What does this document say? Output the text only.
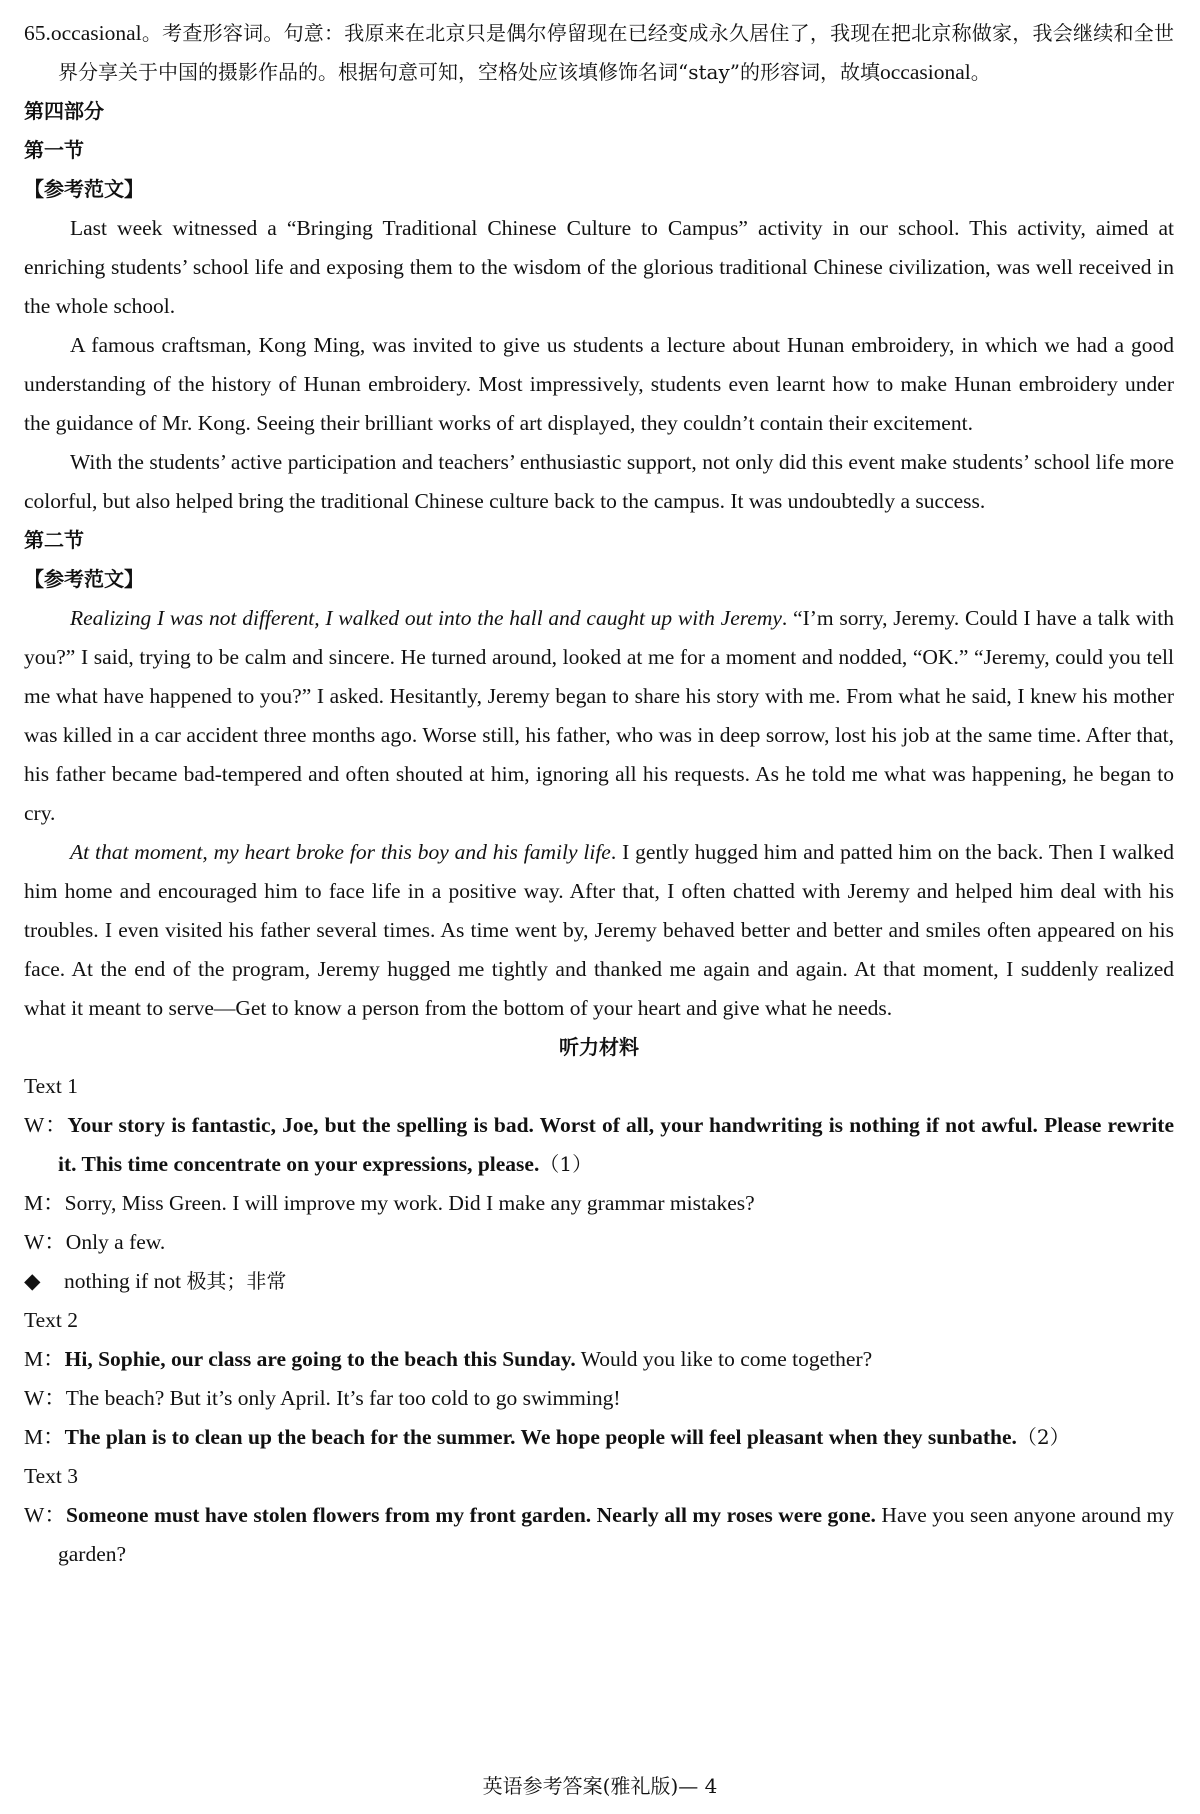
65.occasional。考查形容词。句意：我原来在北京只是偶尔停留现在已经变成永久居住了，我现在把北京称做家，我会继续和全世界分享关于中国的摄影作品的。根据句意可知，空格处应该填修饰名词“stay”的形容词，故填occasional。
第四部分
第一节
【参考范文】
Last week witnessed a “Bringing Traditional Chinese Culture to Campus” activity in our school. This activity, aimed at enriching students’ school life and exposing them to the wisdom of the glorious traditional Chinese civilization, was well received in the whole school.
A famous craftsman, Kong Ming, was invited to give us students a lecture about Hunan embroidery, in which we had a good understanding of the history of Hunan embroidery. Most impressively, students even learnt how to make Hunan embroidery under the guidance of Mr. Kong. Seeing their brilliant works of art displayed, they couldn’t contain their excitement.
With the students’ active participation and teachers’ enthusiastic support, not only did this event make students’ school life more colorful, but also helped bring the traditional Chinese culture back to the campus. It was undoubtedly a success.
第二节
【参考范文】
Realizing I was not different, I walked out into the hall and caught up with Jeremy. “I’m sorry, Jeremy. Could I have a talk with you?” I said, trying to be calm and sincere. He turned around, looked at me for a moment and nodded, “OK.” “Jeremy, could you tell me what have happened to you?” I asked. Hesitantly, Jeremy began to share his story with me. From what he said, I knew his mother was killed in a car accident three months ago. Worse still, his father, who was in deep sorrow, lost his job at the same time. After that, his father became bad-tempered and often shouted at him, ignoring all his requests. As he told me what was happening, he began to cry.
At that moment, my heart broke for this boy and his family life. I gently hugged him and patted him on the back. Then I walked him home and encouraged him to face life in a positive way. After that, I often chatted with Jeremy and helped him deal with his troubles. I even visited his father several times. As time went by, Jeremy behaved better and better and smiles often appeared on his face. At the end of the program, Jeremy hugged me tightly and thanked me again and again. At that moment, I suddenly realized what it meant to serve—Get to know a person from the bottom of your heart and give what he needs.
听力材料
Text 1
W：Your story is fantastic, Joe, but the spelling is bad. Worst of all, your handwriting is nothing if not awful. Please rewrite it. This time concentrate on your expressions, please.（1）
M：Sorry, Miss Green. I will improve my work. Did I make any grammar mistakes?
W：Only a few.
◆ nothing if not 极其；非常
Text 2
M：Hi, Sophie, our class are going to the beach this Sunday. Would you like to come together?
W：The beach? But it’s only April. It’s far too cold to go swimming!
M：The plan is to clean up the beach for the summer. We hope people will feel pleasant when they sunbathe.（2）
Text 3
W：Someone must have stolen flowers from my front garden. Nearly all my roses were gone. Have you seen anyone around my garden?
英语参考答案(雅礼版)— 4
